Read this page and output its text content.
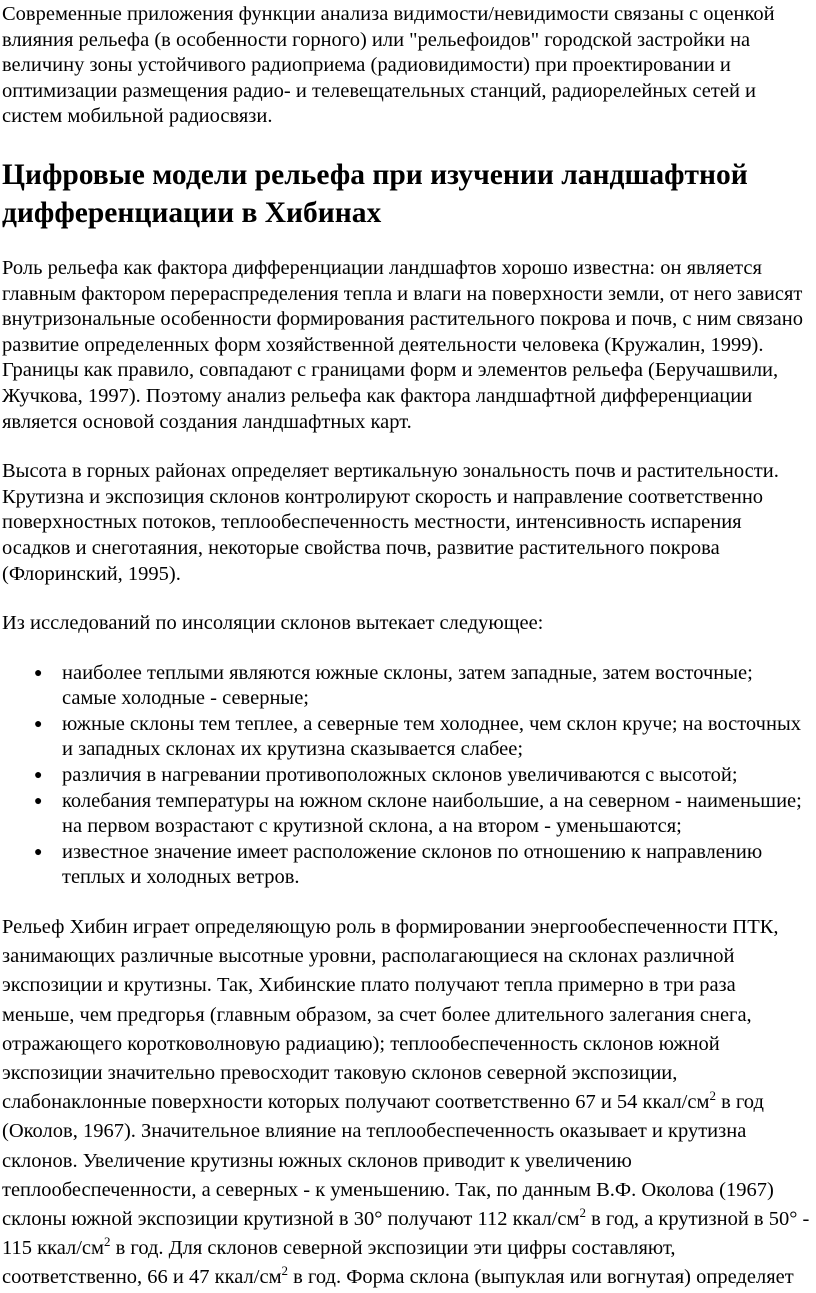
Современные приложения функции анализа видимости/невидимости связаны с оценкой влияния рельефа (в особенности горного) или "рельефоидов" городской застройки на величину зоны устойчивого радиоприема (радиовидимости) при проектировании и оптимизации размещения радио- и телевещательных станций, радиорелейных сетей и систем мобильной радиосвязи.

Цифровые модели рельефа при изучении ландшафтной дифференциации в Хибинах

Роль рельефа как фактора дифференциации ландшафтов хорошо известна: он является главным фактором перераспределения тепла и влаги на поверхности земли, от него зависят внутризональные особенности формирования растительного покрова и почв, с ним связано развитие определенных форм хозяйственной деятельности человека (Кружалин, 1999). Границы как правило, совпадают с границами форм и элементов рельефа (Беручашвили, Жучкова, 1997). Поэтому анализ рельефа как фактора ландшафтной дифференциации является основой создания ландшафтных карт.

Высота в горных районах определяет вертикальную зональность почв и растительности. Крутизна и экспозиция склонов контролируют скорость и направление соответственно поверхностных потоков, теплообеспеченность местности, интенсивность испарения осадков и снеготаяния, некоторые свойства почв, развитие растительного покрова (Флоринский, 1995).

Из исследований по инсоляции склонов вытекает следующее:

● наиболее теплыми являются южные склоны, затем западные, затем восточные; самые холодные - северные;
● южные склоны тем теплее, а северные тем холоднее, чем склон круче; на восточных и западных склонах их крутизна сказывается слабее;
● различия в нагревании противоположных склонов увеличиваются с высотой;
● колебания температуры на южном склоне наибольшие, а на северном - наименьшие; на первом возрастают с крутизной склона, а на втором - уменьшаются;
● известное значение имеет расположение склонов по отношению к направлению теплых и холодных ветров.

Рельеф Хибин играет определяющую роль в формировании энергообеспеченности ПТК, занимающих различные высотные уровни, располагающиеся на склонах различной экспозиции и крутизны. Так, Хибинские плато получают тепла примерно в три раза меньше, чем предгорья (главным образом, за счет более длительного залегания снега, отражающего коротковолновую радиацию); теплообеспеченность склонов южной экспозиции значительно превосходит таковую склонов северной экспозиции, слабонаклонные поверхности которых получают соответственно 67 и 54 ккал/$см^2$ в год (Околов, 1967). Значительное влияние на теплообеспеченность оказывает и крутизна склонов. Увеличение крутизны южных склонов приводит к увеличению теплообеспеченности, а северных - к уменьшению. Так, по данным В.Ф. Околова (1967) склоны южной экспозиции крутизной в 30° получают 112 ккал/$см^2$ в год, а крутизной в 50° - 115 ккал/$см^2$ в год. Для склонов северной экспозиции эти цифры составляют, соответственно, 66 и 47 ккал/$см^2$ в год. Форма склона (выпуклая или вогнутая) определяет
